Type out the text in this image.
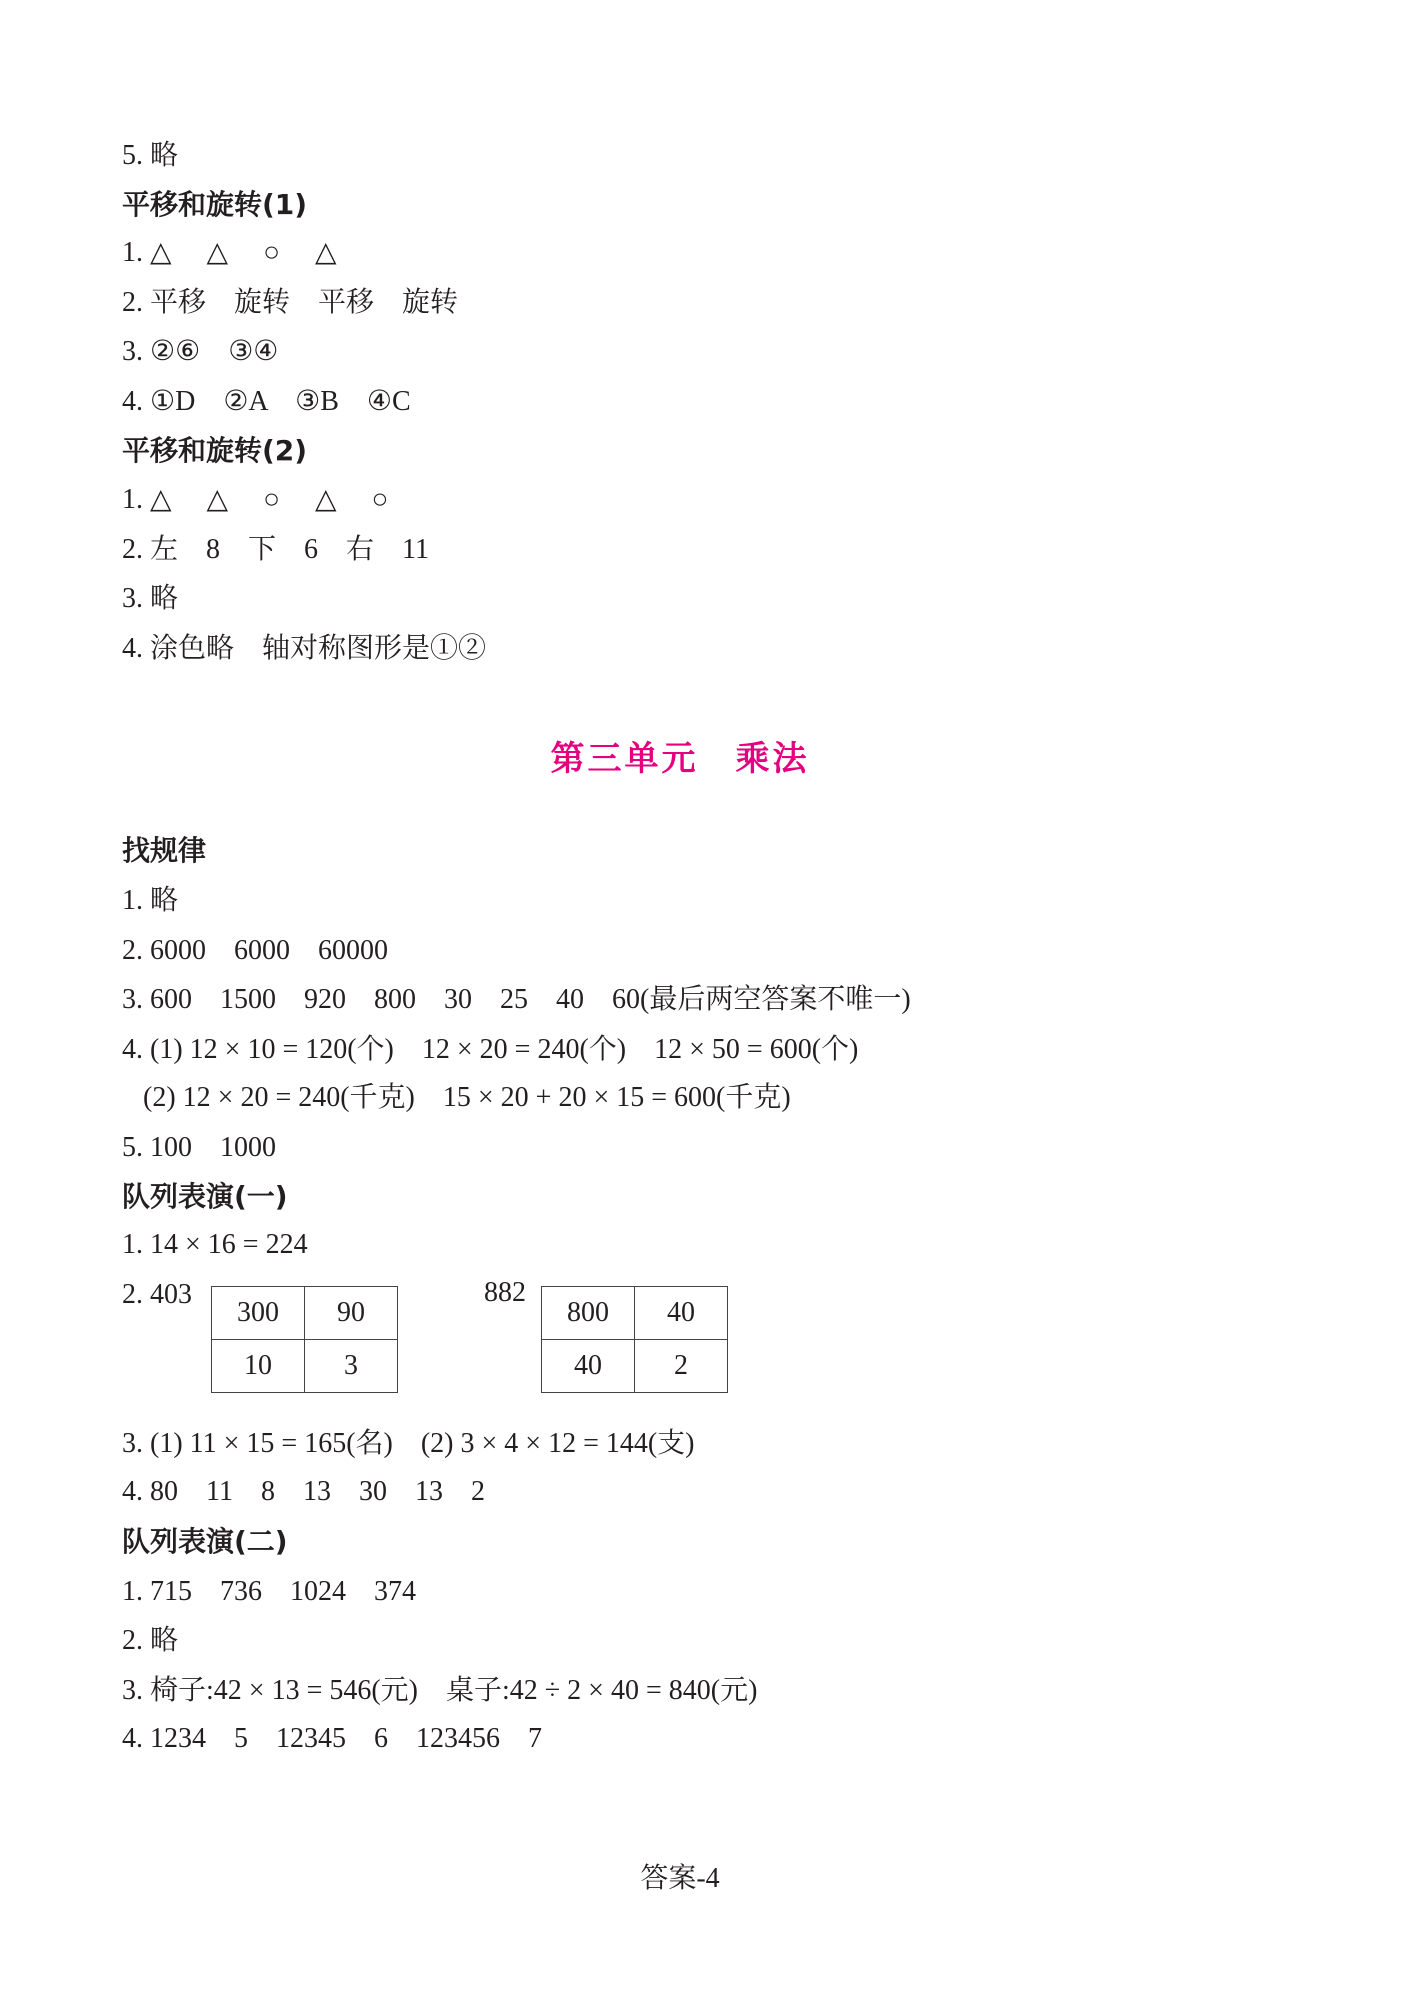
5. 略
平移和旋转(1)
1. △　 △　 ○　 △
2. 平移　旋转　平移　旋转
3. ②⑥　③④
4. ①D　②A　③B　④C
平移和旋转(2)
1. △　 △　 ○　 △　 ○
2. 左　8　下　6　右　11
3. 略
4. 涂色略　轴对称图形是①②
第三单元　乘法
找规律
1. 略
2. 6000　6000　60000
3. 600　1500　920　800　30　25　40　60(最后两空答案不唯一)
4. (1) 12 × 10 = 120(个)　12 × 20 = 240(个)　12 × 50 = 600(个)
(2) 12 × 20 = 240(千克)　15 × 20 + 20 × 15 = 600(千克)
5. 100　1000
队列表演(一)
1. 14 × 16 = 224
2. 403
300	90
10	3
882
800	40
40	2
3. (1) 11 × 15 = 165(名)　(2) 3 × 4 × 12 = 144(支)
4. 80　11　8　13　30　13　2
队列表演(二)
1. 715　736　1024　374
2. 略
3. 椅子:42 × 13 = 546(元)　桌子:42 ÷ 2 × 40 = 840(元)
4. 1234　5　12345　6　123456　7
答案-4
